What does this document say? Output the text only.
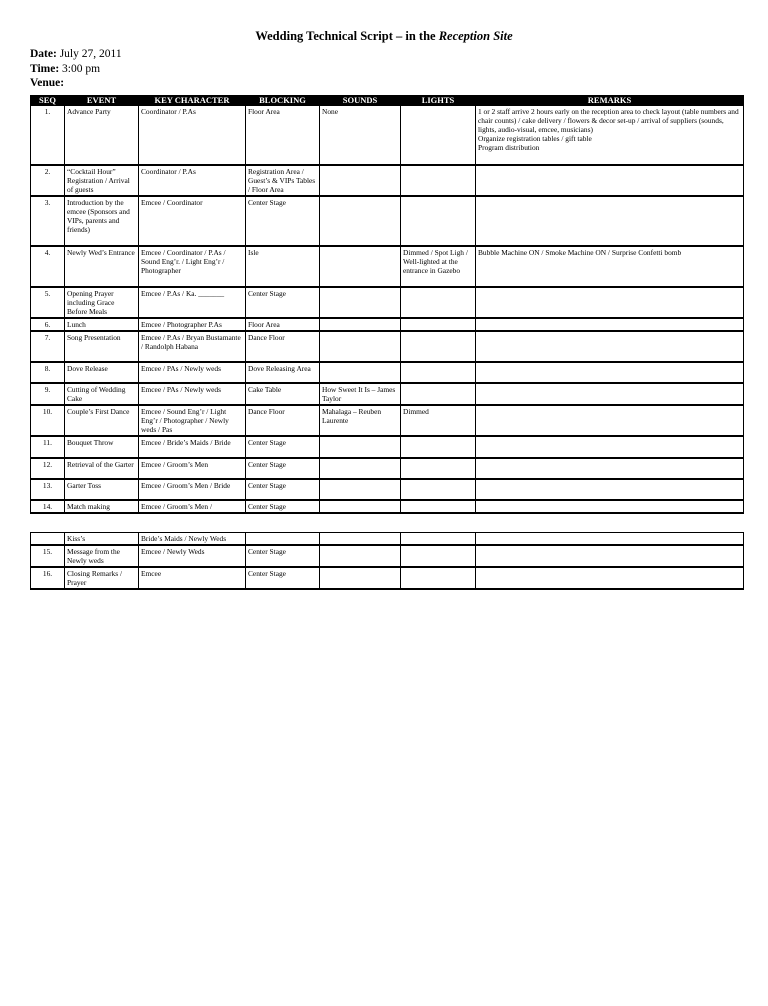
Wedding Technical Script – in the Reception Site
Date: July 27, 2011
Time: 3:00 pm
Venue:
SEQ	EVENT	KEY CHARACTER	BLOCKING	SOUNDS	LIGHTS	REMARKS
1.	Advance Party	Coordinator / P.As	Floor Area	None		1 or 2 staff arrive 2 hours early on the reception area to check layout (table numbers and chair counts) / cake delivery / flowers & decor set-up / arrival of suppliers (sounds, lights, audio-visual, emcee, musicians)
Organize registration tables / gift table
Program distribution
2.	“Cocktail Hour” Registration / Arrival of guests	Coordinator / P.As	Registration Area / Guest’s & VIPs Tables / Floor Area			
3.	Introduction by the emcee (Sponsors and VIPs, parents and friends)	Emcee / Coordinator	Center Stage			
4.	Newly Wed’s Entrance	Emcee / Coordinator / P.As / Sound Eng’r. / Light Eng’r / Photographer	Isle		Dimmed / Spot Ligh / Well-lighted at the entrance in Gazebo	Bubble Machine ON / Smoke Machine ON / Surprise Confetti bomb
5.	Opening Prayer including Grace Before Meals	Emcee / P.As / Ka. _______	Center Stage			
6.	Lunch	Emcee / Photographer P.As	Floor Area			
7.	Song Presentation	Emcee / P.As / Bryan Bustamante / Randolph Habana	Dance Floor			
8.	Dove Release	Emcee / PAs / Newly weds	Dove Releasing Area			
9.	Cutting of Wedding Cake	Emcee / PAs / Newly weds	Cake Table	How Sweet It Is – James Taylor		
10.	Couple’s First Dance	Emcee / Sound Eng’r / Light Eng’r / Photographer / Newly weds / Pas	Dance Floor	Mahalaga – Reuben Laurente	Dimmed	
11.	Bouquet Throw	Emcee / Bride’s Maids / Bride	Center Stage			
12.	Retrieval of the Garter	Emcee / Groom’s Men	Center Stage			
13.	Garter Toss	Emcee / Groom’s Men / Bride	Center Stage			
14.	Match making	Emcee / Groom’s Men /	Center Stage			
	Kiss’s	Bride’s Maids / Newly Weds				
15.	Message from the Newly weds	Emcee / Newly Weds	Center Stage			
16.	Closing Remarks / Prayer	Emcee	Center Stage			
